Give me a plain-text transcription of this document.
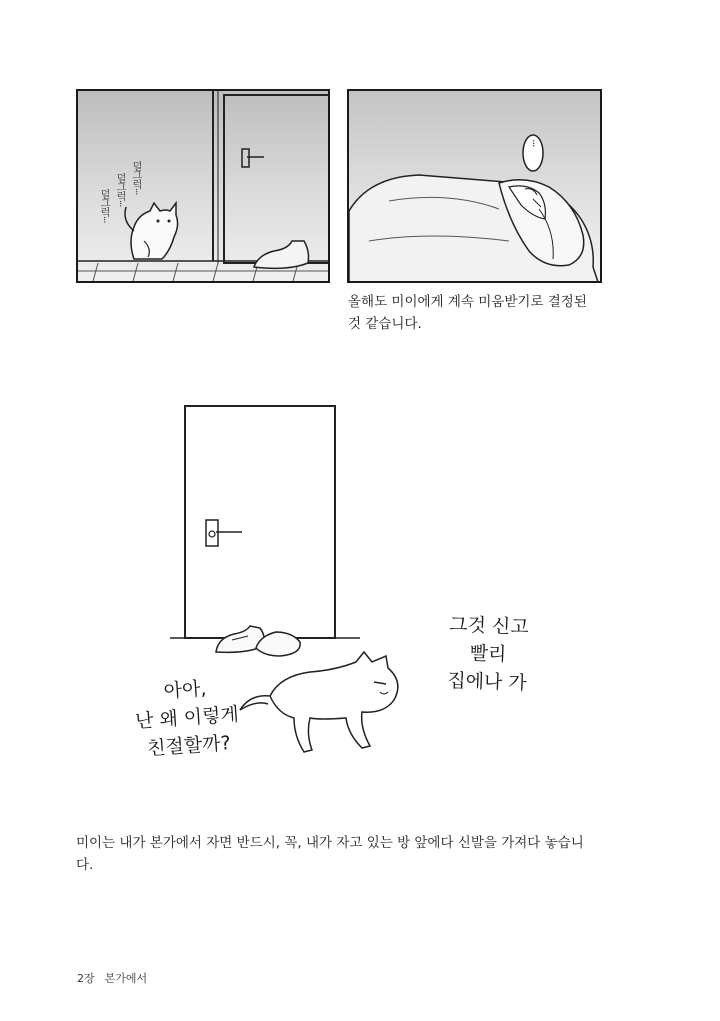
덜그럭···
덜그럭···
덜그럭···
···
올해도 미이에게 계속 미움받기로 결정된
것 같습니다.
아아,
난 왜 이렇게
친절할까?
그것 신고
빨리
집에나 가
미이는 내가 본가에서 자면 반드시, 꼭, 내가 자고 있는 방 앞에다 신발을 가져다 놓습니
다.
2장 본가에서
